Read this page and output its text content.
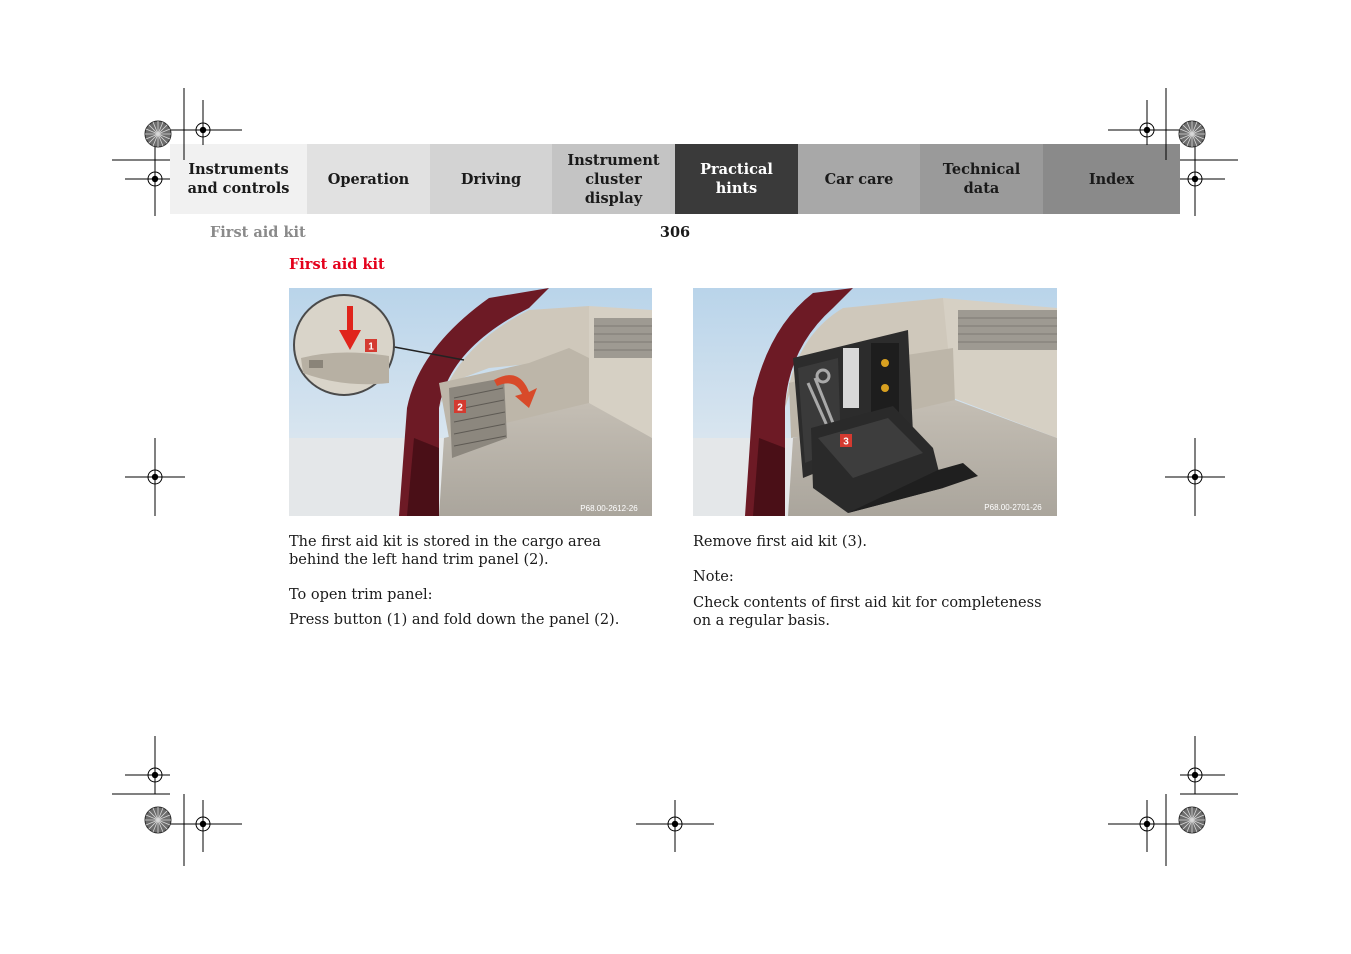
Instruments
and controls
Operation	Driving
Instrument
cluster display
Practical hints
Car care
Technical
data
Index
First aid kit	306
First aid kit
2
1
P68.00-2612-26
3
P68.00-2701-26

The first aid kit is stored in the cargo area behind the left hand trim panel (2).

To open trim panel:

Press button (1) and fold down the panel (2).

Remove first aid kit (3).

Note:

Check contents of first aid kit for completeness on a regular basis.
